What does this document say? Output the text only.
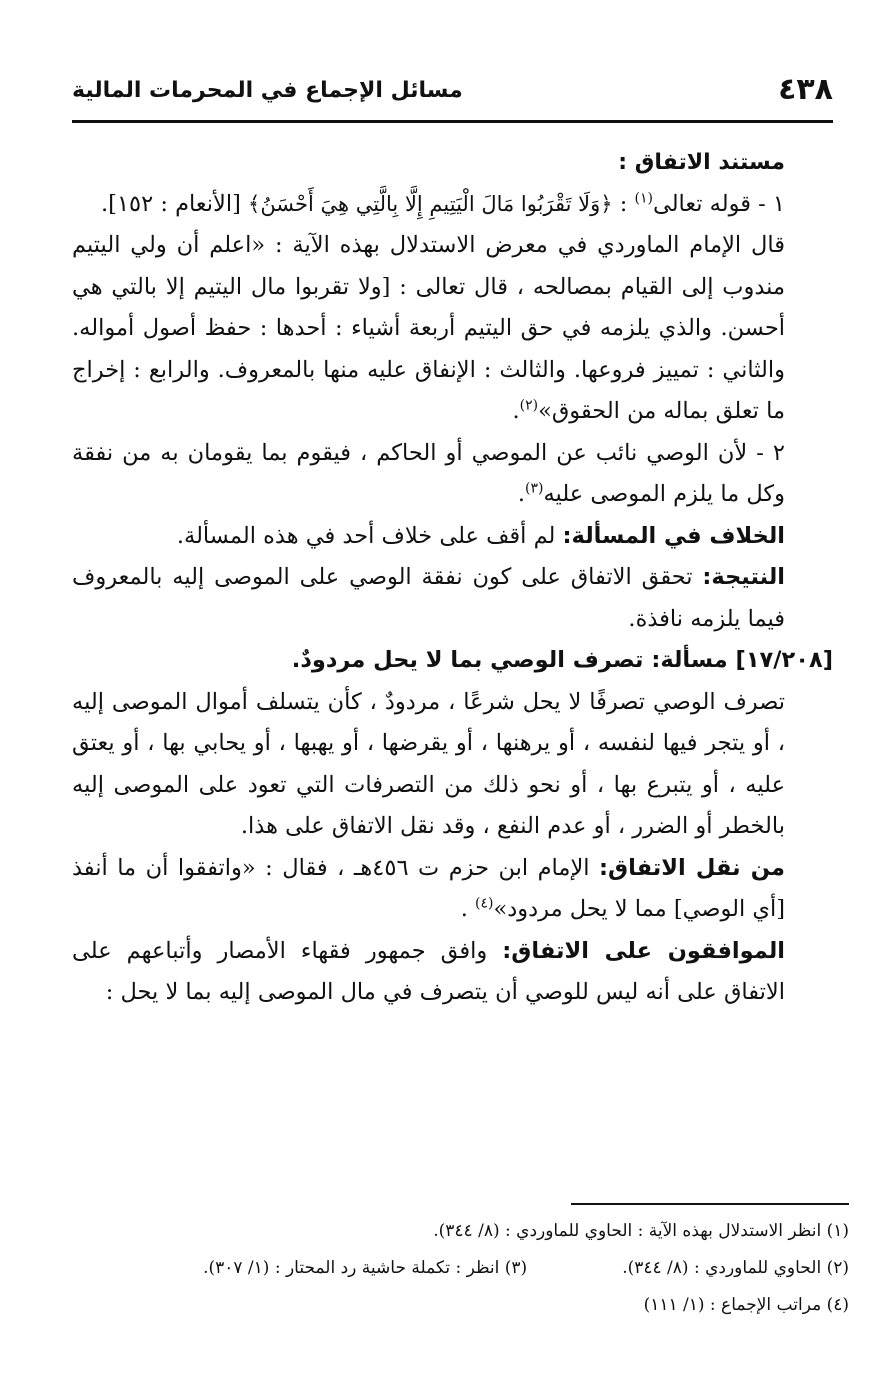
٤٣٨
مسائل الإجماع في المحرمات المالية

مستند الاتفاق :

١ - قوله تعالى$^{(١)}$ : ﴿وَلَا تَقْرَبُوا مَالَ الْيَتِيمِ إِلَّا بِالَّتِي هِيَ أَحْسَنُ﴾ [الأنعام : ١٥٢].

قال الإمام الماوردي في معرض الاستدلال بهذه الآية : «اعلم أن ولي اليتيم مندوب إلى القيام بمصالحه ، قال تعالى : [ولا تقربوا مال اليتيم إلا بالتي هي أحسن. والذي يلزمه في حق اليتيم أربعة أشياء : أحدها : حفظ أصول أمواله. والثاني : تمييز فروعها. والثالث : الإنفاق عليه منها بالمعروف. والرابع : إخراج ما تعلق بماله من الحقوق»$^{(٢)}$.

٢ - لأن الوصي نائب عن الموصي أو الحاكم ، فيقوم بما يقومان به من نفقة وكل ما يلزم الموصى عليه$^{(٣)}$.

الخلاف في المسألة: لم أقف على خلاف أحد في هذه المسألة.

النتيجة: تحقق الاتفاق على كون نفقة الوصي على الموصى إليه بالمعروف فيما يلزمه نافذة.

[١٧/٢٠٨] مسألة: تصرف الوصي بما لا يحل مردودٌ.

تصرف الوصي تصرفًا لا يحل شرعًا ، مردودٌ ، كأن يتسلف أموال الموصى إليه ، أو يتجر فيها لنفسه ، أو يرهنها ، أو يقرضها ، أو يهبها ، أو يحابي بها ، أو يعتق عليه ، أو يتبرع بها ، أو نحو ذلك من التصرفات التي تعود على الموصى إليه بالخطر أو الضرر ، أو عدم النفع ، وقد نقل الاتفاق على هذا.

من نقل الاتفاق: الإمام ابن حزم ت ٤٥٦هـ ، فقال : «واتفقوا أن ما أنفذ [أي الوصي] مما لا يحل مردود»$^{(٤)}$ .

الموافقون على الاتفاق: وافق جمهور فقهاء الأمصار وأتباعهم على الاتفاق على أنه ليس للوصي أن يتصرف في مال الموصى إليه بما لا يحل :

(١) انظر الاستدلال بهذه الآية : الحاوي للماوردي : (٨/ ٣٤٤).
(٢) الحاوي للماوردي : (٨/ ٣٤٤).
(٣) انظر : تكملة حاشية رد المحتار : (١/ ٣٠٧).
(٤) مراتب الإجماع : (١/ ١١١)
